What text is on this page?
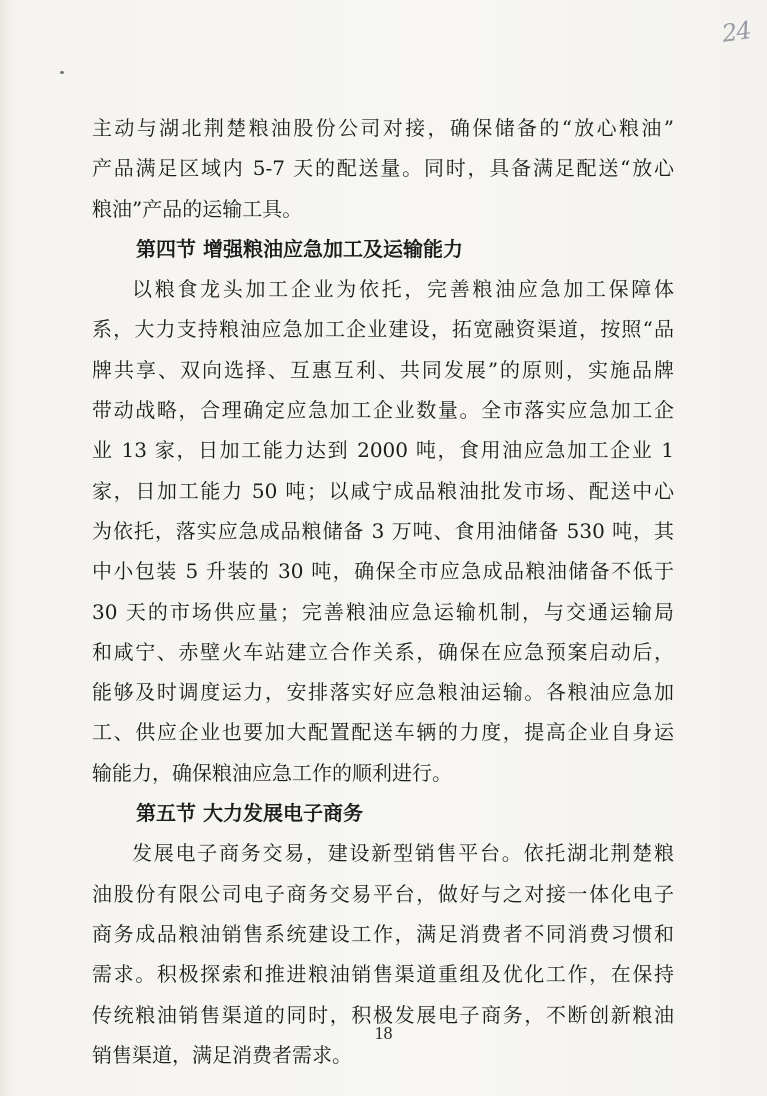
24
主动与湖北荆楚粮油股份公司对接，确保储备的“放心粮油”
产品满足区域内 5-7 天的配送量。同时，具备满足配送“放心
粮油”产品的运输工具。
第四节 增强粮油应急加工及运输能力
以粮食龙头加工企业为依托，完善粮油应急加工保障体
系，大力支持粮油应急加工企业建设，拓宽融资渠道，按照“品
牌共享、双向选择、互惠互利、共同发展”的原则，实施品牌
带动战略，合理确定应急加工企业数量。全市落实应急加工企
业 13 家，日加工能力达到 2000 吨，食用油应急加工企业 1
家，日加工能力 50 吨；以咸宁成品粮油批发市场、配送中心
为依托，落实应急成品粮储备 3 万吨、食用油储备 530 吨，其
中小包装 5 升装的 30 吨，确保全市应急成品粮油储备不低于
30 天的市场供应量；完善粮油应急运输机制，与交通运输局
和咸宁、赤壁火车站建立合作关系，确保在应急预案启动后，
能够及时调度运力，安排落实好应急粮油运输。各粮油应急加
工、供应企业也要加大配置配送车辆的力度，提高企业自身运
输能力，确保粮油应急工作的顺利进行。
第五节 大力发展电子商务
发展电子商务交易，建设新型销售平台。依托湖北荆楚粮
油股份有限公司电子商务交易平台，做好与之对接一体化电子
商务成品粮油销售系统建设工作，满足消费者不同消费习惯和
需求。积极探索和推进粮油销售渠道重组及优化工作，在保持
传统粮油销售渠道的同时，积极发展电子商务，不断创新粮油
销售渠道，满足消费者需求。
18
